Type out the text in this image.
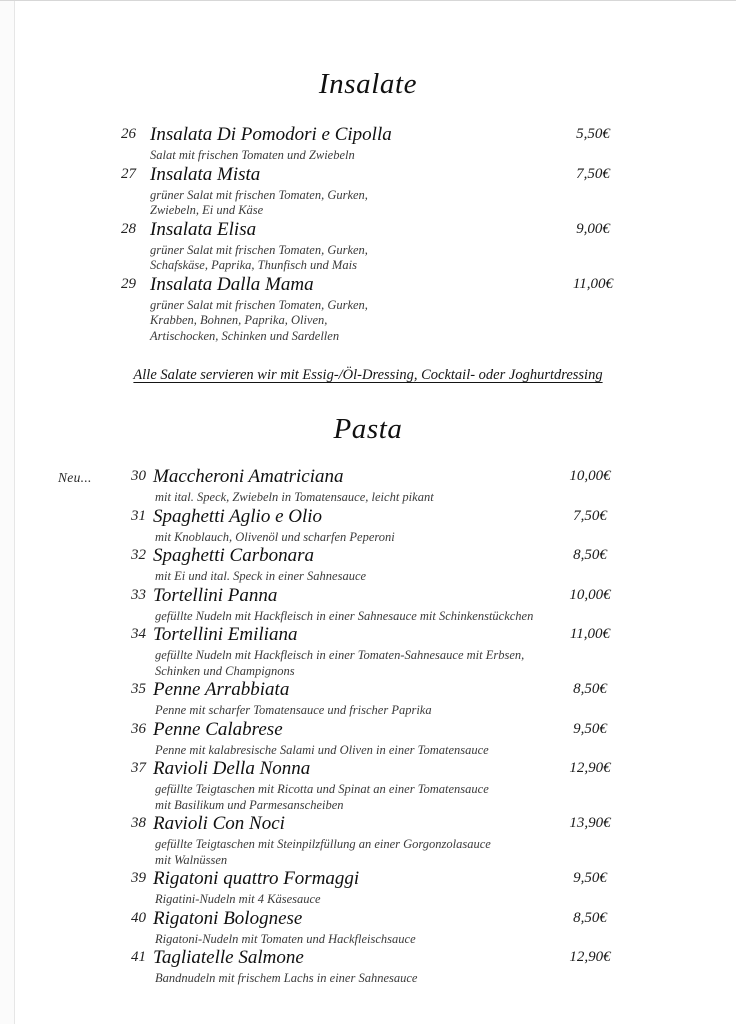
Insalate
26 Insalata Di Pomodori e Cipolla	5,50€
Salat mit frischen Tomaten und Zwiebeln
27 Insalata Mista	7,50€
grüner Salat mit frischen Tomaten, Gurken,
Zwiebeln, Ei und Käse
28 Insalata Elisa	9,00€
grüner Salat mit frischen Tomaten, Gurken,
Schafskäse, Paprika, Thunfisch und Mais
29 Insalata Dalla Mama	11,00€
grüner Salat mit frischen Tomaten, Gurken,
Krabben, Bohnen, Paprika, Oliven,
Artischocken, Schinken und Sardellen
Alle Salate servieren wir mit Essig-/Öl-Dressing, Cocktail- oder Joghurtdressing
Pasta
Neu...	30 Maccheroni Amatriciana	10,00€
mit ital. Speck, Zwiebeln in Tomatensauce, leicht pikant
31 Spaghetti Aglio e Olio	7,50€
mit Knoblauch, Olivenöl und scharfen Peperoni
32 Spaghetti Carbonara	8,50€
mit Ei und ital. Speck in einer Sahnesauce
33 Tortellini Panna	10,00€
gefüllte Nudeln mit Hackfleisch in einer Sahnesauce mit Schinkenstückchen
34 Tortellini Emiliana	11,00€
gefüllte Nudeln mit Hackfleisch in einer Tomaten-Sahnesauce mit Erbsen,
Schinken und Champignons
35 Penne Arrabbiata	8,50€
Penne mit scharfer Tomatensauce und frischer Paprika
36 Penne Calabrese	9,50€
Penne mit kalabresische Salami und Oliven in einer Tomatensauce
37 Ravioli Della Nonna	12,90€
gefüllte Teigtaschen mit Ricotta und Spinat an einer Tomatensauce
mit Basilikum und Parmesanscheiben
38 Ravioli Con Noci	13,90€
gefüllte Teigtaschen mit Steinpilzfüllung an einer Gorgonzolasauce
mit Walnüssen
39 Rigatoni quattro Formaggi	9,50€
Rigatini-Nudeln mit 4 Käsesauce
40 Rigatoni Bolognese	8,50€
Rigatoni-Nudeln mit Tomaten und Hackfleischsauce
41 Tagliatelle Salmone	12,90€
Bandnudeln mit frischem Lachs in einer Sahnesauce
